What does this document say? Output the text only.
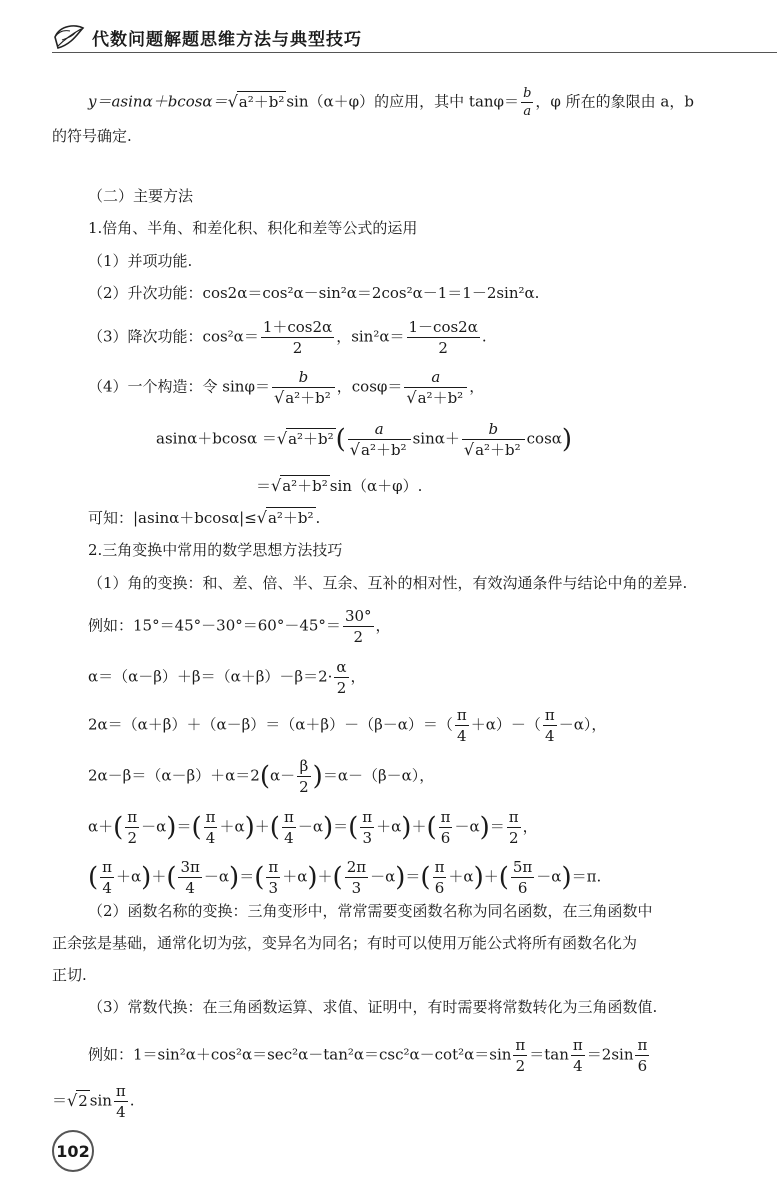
代数问题解题思维方法与典型技巧
y＝asinα＋bcosα＝√a²＋b² sin（α＋φ）的应用，其中 $\tan\varphi= \frac{b}{a}$ ，φ 所在的象限由 a，b
的符号确定.
（二）主要方法
1.倍角、半角、和差化积、积化和差等公式的运用
（1）并项功能.
（2）升次功能：cos2α＝cos²α－sin²α＝2cos²α－1＝1－2sin²α.
（3）降次功能：$\cos^2\alpha= \frac{1+\cos 2\alpha}{2}$ ，$\sin^2\alpha= \frac{1-\cos 2\alpha}{2}$ .
（4）一个构造：令 $\sin\varphi= \frac{b}{\text{√a²＋b²}}$ ，$\cos\varphi= \frac{a}{\text{√a²＋b²}}$ ，
$asin\alpha+bcos\alpha =√a^2+b^2( \frac{a}{\text{√a²＋b²}} \sin\alpha+ \frac{b}{\text{√a²＋b²}} \cos\alpha)$
＝√a²＋b² sin（α＋φ）.
可知：|asinα＋bcosα|≤√a²＋b² .
2.三角变换中常用的数学思想方法技巧
（1）角的变换：和、差、倍、半、互余、互补的相对性，有效沟通条件与结论中角的差异.
例如：$15^\circ=45^\circ-30^\circ=60^\circ-45^\circ= \frac{30^\circ}{2}$ ，
$\alpha=(\alpha-\beta)+\beta=(\alpha+\beta)-\beta=2\cdot \frac{\alpha}{2}$ ，
$2\alpha=(\alpha+\beta)+(\alpha-\beta)=(\alpha+\beta)-(\beta-\alpha)=( \frac{\pi}{4} +\alpha)-( \frac{\pi}{4} -\alpha)$，
$2\alpha-\beta=(\alpha-\beta)+\alpha=2(\alpha- \frac{\beta}{2} )=\alpha-(\beta-\alpha)$，
$\alpha+( \frac{\pi}{2} -\alpha)=( \frac{\pi}{4} +\alpha)+( \frac{\pi}{4} -\alpha)=( \frac{\pi}{3} +\alpha)+( \frac{\pi}{6} -\alpha)= \frac{\pi}{2}$ ，
( $\frac{\pi}{4} +\alpha)+( \frac{3\pi}{4} -\alpha)=( \frac{\pi}{3} +\alpha)+( \frac{2\pi}{3} -\alpha)=( \frac{\pi}{6} +\alpha)+( \frac{5\pi}{6} -\alpha)=\pi$.
（2）函数名称的变换：三角变形中，常常需要变函数名称为同名函数，在三角函数中
正余弦是基础，通常化切为弦，变异名为同名；有时可以使用万能公式将所有函数名化为
正切.
（3）常数代换：在三角函数运算、求值、证明中，有时需要将常数转化为三角函数值.
例如：$1=\sin^2\alpha+\cos^2\alpha=\sec^2\alpha-\tan^2\alpha=\csc^2\alpha-\cot^2\alpha=\sin \frac{\pi}{2} =\tan \frac{\pi}{4} =2\sin \frac{\pi}{6}$
＝√2 $\sin \frac{\pi}{4}$ .
102
